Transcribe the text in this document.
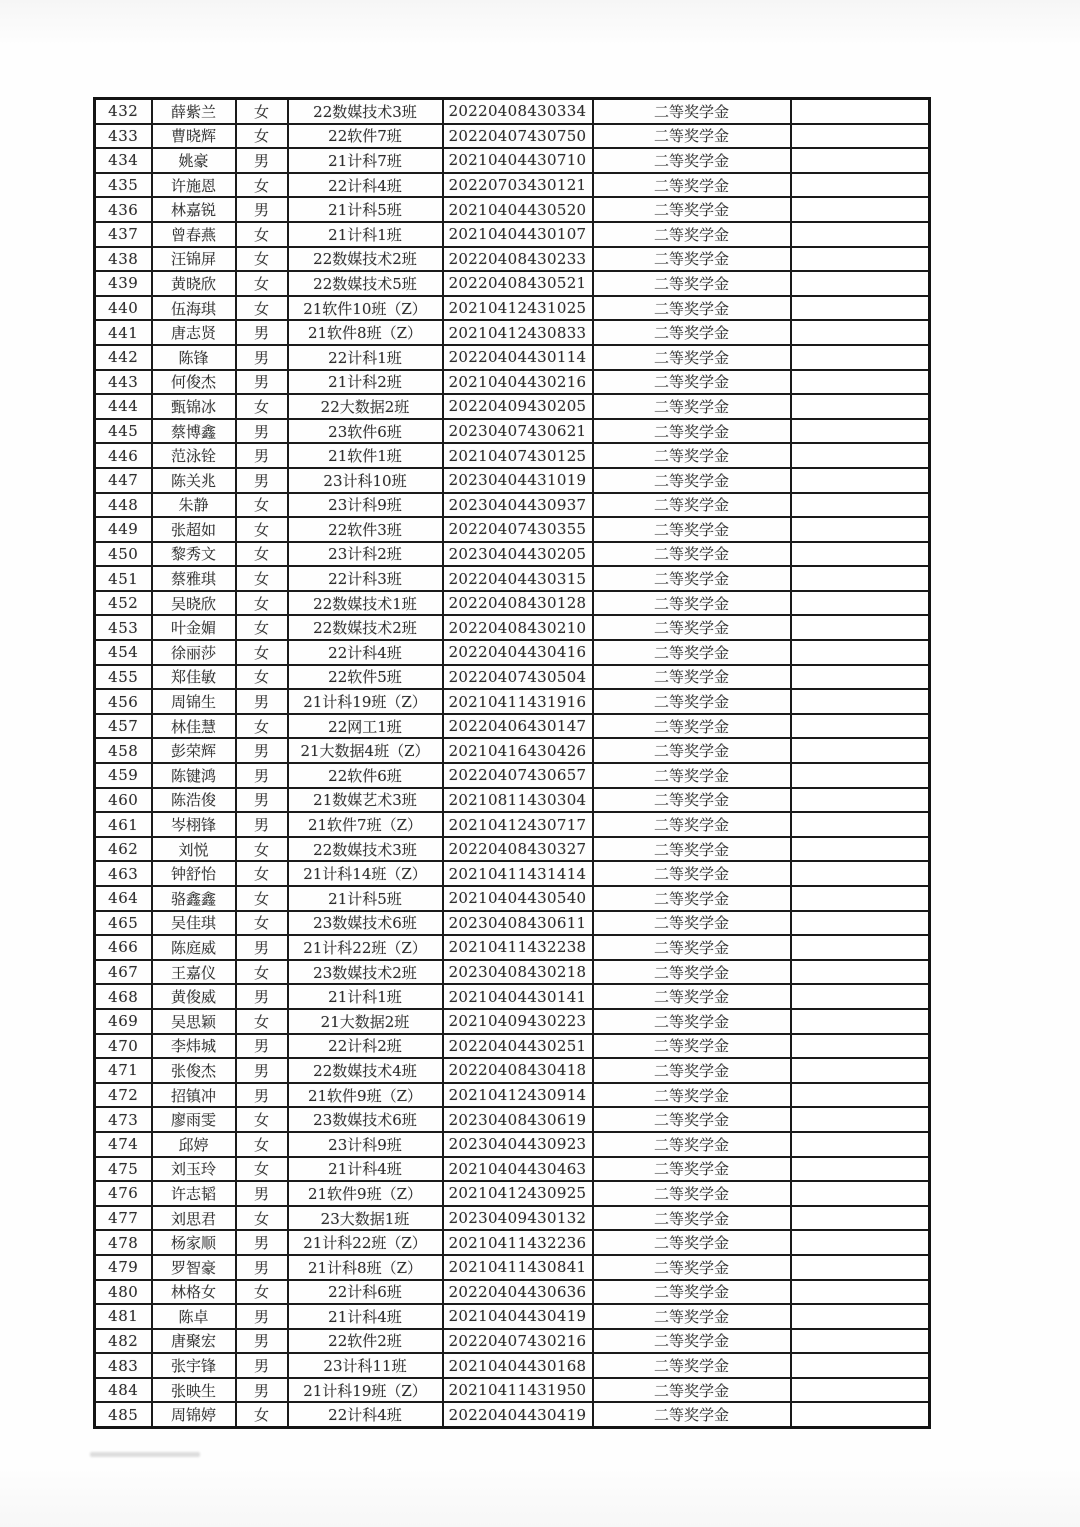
432	薛紫兰	女	22数媒技术3班	20220408430334	二等奖学金	
433	曹晓辉	女	22软件7班	20220407430750	二等奖学金	
434	姚豪	男	21计科7班	20210404430710	二等奖学金	
435	许施恩	女	22计科4班	20220703430121	二等奖学金	
436	林嘉锐	男	21计科5班	20210404430520	二等奖学金	
437	曾春燕	女	21计科1班	20210404430107	二等奖学金	
438	汪锦屏	女	22数媒技术2班	20220408430233	二等奖学金	
439	黄晓欣	女	22数媒技术5班	20220408430521	二等奖学金	
440	伍海琪	女	21软件10班（Z）	20210412431025	二等奖学金	
441	唐志贤	男	21软件8班（Z）	20210412430833	二等奖学金	
442	陈锋	男	22计科1班	20220404430114	二等奖学金	
443	何俊杰	男	21计科2班	20210404430216	二等奖学金	
444	甄锦冰	女	22大数据2班	20220409430205	二等奖学金	
445	蔡博鑫	男	23软件6班	20230407430621	二等奖学金	
446	范泳铨	男	21软件1班	20210407430125	二等奖学金	
447	陈关兆	男	23计科10班	20230404431019	二等奖学金	
448	朱静	女	23计科9班	20230404430937	二等奖学金	
449	张超如	女	22软件3班	20220407430355	二等奖学金	
450	黎秀文	女	23计科2班	20230404430205	二等奖学金	
451	蔡雅琪	女	22计科3班	20220404430315	二等奖学金	
452	吴晓欣	女	22数媒技术1班	20220408430128	二等奖学金	
453	叶金媚	女	22数媒技术2班	20220408430210	二等奖学金	
454	徐丽莎	女	22计科4班	20220404430416	二等奖学金	
455	郑佳敏	女	22软件5班	20220407430504	二等奖学金	
456	周锦生	男	21计科19班（Z）	20210411431916	二等奖学金	
457	林佳慧	女	22网工1班	20220406430147	二等奖学金	
458	彭荣辉	男	21大数据4班（Z）	20210416430426	二等奖学金	
459	陈键鸿	男	22软件6班	20220407430657	二等奖学金	
460	陈浩俊	男	21数媒艺术3班	20210811430304	二等奖学金	
461	岑栩锋	男	21软件7班（Z）	20210412430717	二等奖学金	
462	刘悦	女	22数媒技术3班	20220408430327	二等奖学金	
463	钟舒怡	女	21计科14班（Z）	20210411431414	二等奖学金	
464	骆鑫鑫	女	21计科5班	20210404430540	二等奖学金	
465	吴佳琪	女	23数媒技术6班	20230408430611	二等奖学金	
466	陈庭威	男	21计科22班（Z）	20210411432238	二等奖学金	
467	王嘉仪	女	23数媒技术2班	20230408430218	二等奖学金	
468	黄俊威	男	21计科1班	20210404430141	二等奖学金	
469	吴思颖	女	21大数据2班	20210409430223	二等奖学金	
470	李炜城	男	22计科2班	20220404430251	二等奖学金	
471	张俊杰	男	22数媒技术4班	20220408430418	二等奖学金	
472	招镇冲	男	21软件9班（Z）	20210412430914	二等奖学金	
473	廖雨雯	女	23数媒技术6班	20230408430619	二等奖学金	
474	邱婷	女	23计科9班	20230404430923	二等奖学金	
475	刘玉玲	女	21计科4班	20210404430463	二等奖学金	
476	许志韬	男	21软件9班（Z）	20210412430925	二等奖学金	
477	刘思君	女	23大数据1班	20230409430132	二等奖学金	
478	杨家顺	男	21计科22班（Z）	20210411432236	二等奖学金	
479	罗智豪	男	21计科8班（Z）	20210411430841	二等奖学金	
480	林格女	女	22计科6班	20220404430636	二等奖学金	
481	陈卓	男	21计科4班	20210404430419	二等奖学金	
482	唐聚宏	男	22软件2班	20220407430216	二等奖学金	
483	张宇锋	男	23计科11班	20210404430168	二等奖学金	
484	张映生	男	21计科19班（Z）	20210411431950	二等奖学金	
485	周锦婷	女	22计科4班	20220404430419	二等奖学金	
